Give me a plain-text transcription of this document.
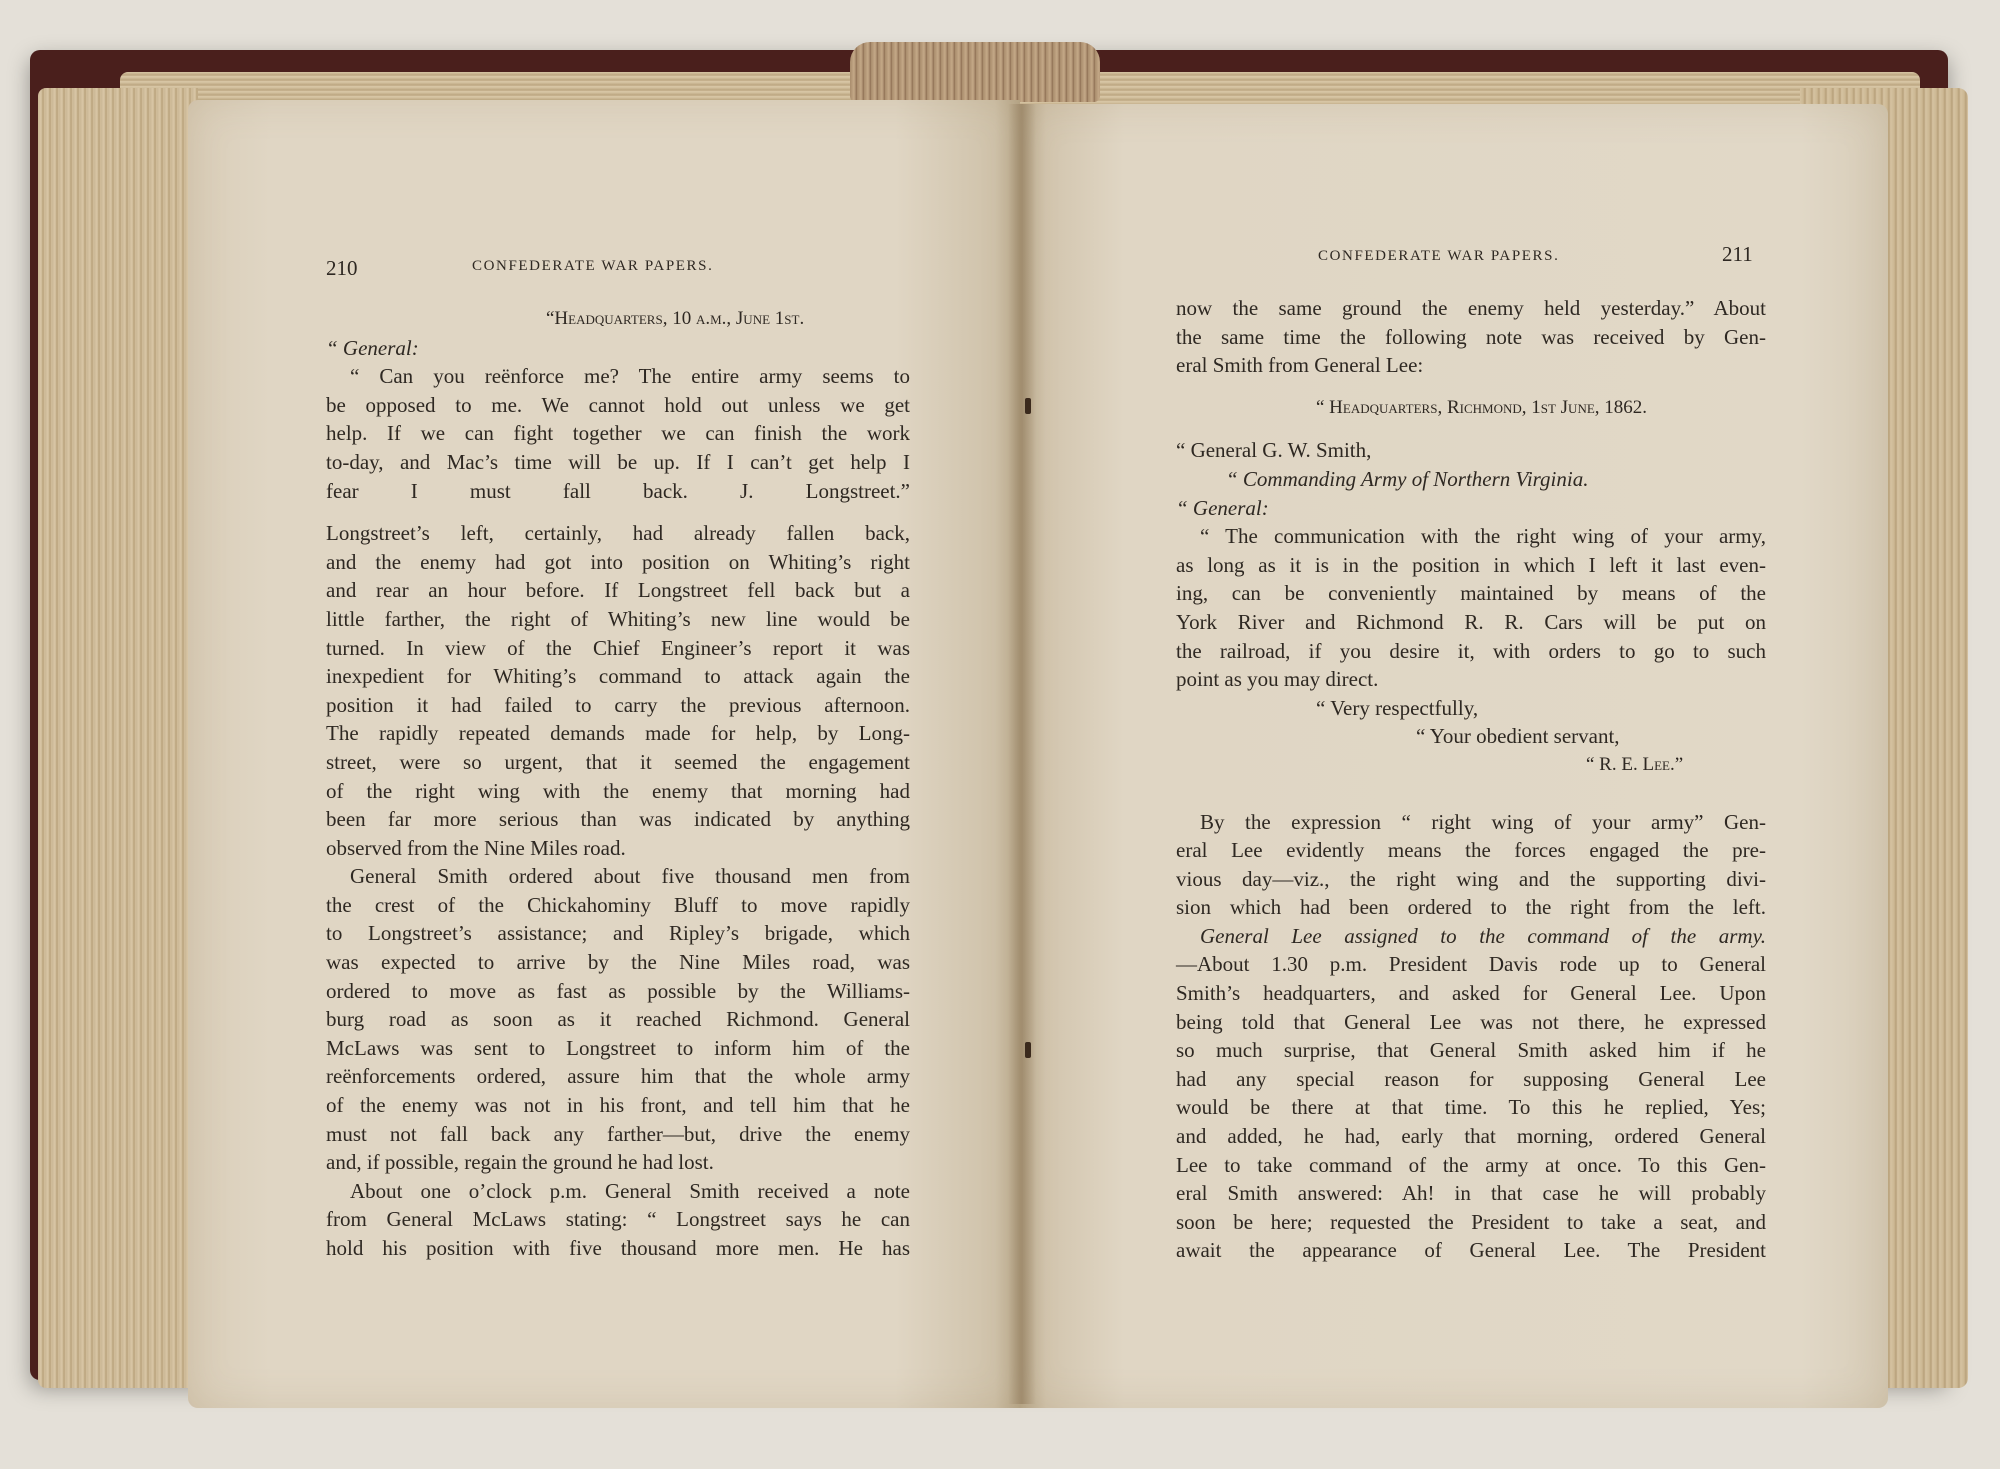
210	CONFEDERATE WAR PAPERS.
CONFEDERATE WAR PAPERS.	211
“Headquarters, 10 a.m., June 1st.
“ General:
“ Can you reënforce me? The entire army seems to
be opposed to me. We cannot hold out unless we get
help. If we can fight together we can finish the work
to-day, and Mac’s time will be up. If I can’t get help I
fear I must fall back. J. Longstreet.”
Longstreet’s left, certainly, had already fallen back,
and the enemy had got into position on Whiting’s right
and rear an hour before. If Longstreet fell back but a
little farther, the right of Whiting’s new line would be
turned. In view of the Chief Engineer’s report it was
inexpedient for Whiting’s command to attack again the
position it had failed to carry the previous afternoon.
The rapidly repeated demands made for help, by Long-
street, were so urgent, that it seemed the engagement
of the right wing with the enemy that morning had
been far more serious than was indicated by anything
observed from the Nine Miles road.
General Smith ordered about five thousand men from
the crest of the Chickahominy Bluff to move rapidly
to Longstreet’s assistance; and Ripley’s brigade, which
was expected to arrive by the Nine Miles road, was
ordered to move as fast as possible by the Williams-
burg road as soon as it reached Richmond. General
McLaws was sent to Longstreet to inform him of the
reënforcements ordered, assure him that the whole army
of the enemy was not in his front, and tell him that he
must not fall back any farther—but, drive the enemy
and, if possible, regain the ground he had lost.
About one o’clock p.m. General Smith received a note
from General McLaws stating: “ Longstreet says he can
hold his position with five thousand more men. He has
now the same ground the enemy held yesterday.” About
the same time the following note was received by Gen-
eral Smith from General Lee:
“ Headquarters, Richmond, 1st June, 1862.
“ General G. W. Smith,
“ Commanding Army of Northern Virginia.
“ General:
“ The communication with the right wing of your army,
as long as it is in the position in which I left it last even-
ing, can be conveniently maintained by means of the
York River and Richmond R. R. Cars will be put on
the railroad, if you desire it, with orders to go to such
point as you may direct.
“ Very respectfully,
“ Your obedient servant,
“ R. E. Lee.”
By the expression “ right wing of your army” Gen-
eral Lee evidently means the forces engaged the pre-
vious day—viz., the right wing and the supporting divi-
sion which had been ordered to the right from the left.
General Lee assigned to the command of the army.
—About 1.30 p.m. President Davis rode up to General
Smith’s headquarters, and asked for General Lee. Upon
being told that General Lee was not there, he expressed
so much surprise, that General Smith asked him if he
had any special reason for supposing General Lee
would be there at that time. To this he replied, Yes;
and added, he had, early that morning, ordered General
Lee to take command of the army at once. To this Gen-
eral Smith answered: Ah! in that case he will probably
soon be here; requested the President to take a seat, and
await the appearance of General Lee. The President
